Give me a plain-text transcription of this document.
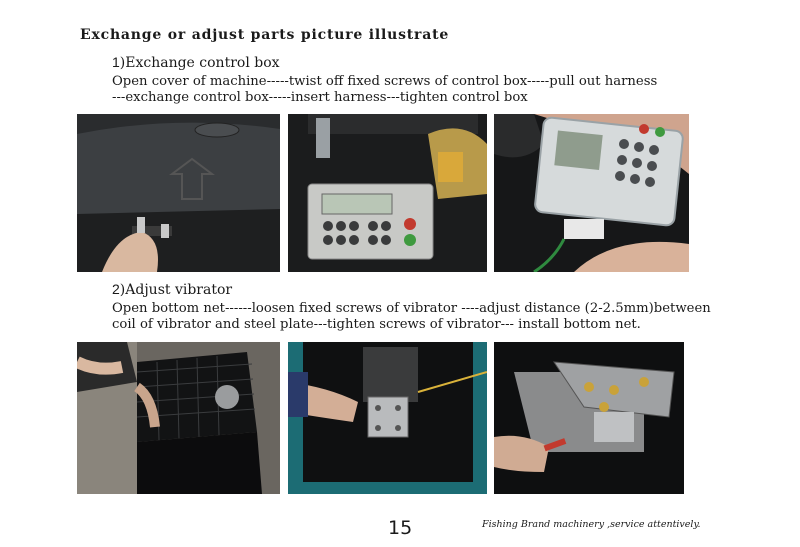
Exchange or adjust parts picture illustrate
1)Exchange control box
Open cover of machine-----twist off fixed screws of control box-----pull out harness
---exchange control box-----insert harness---tighten control box
2)Adjust vibrator
Open bottom net------loosen fixed screws of vibrator ----adjust distance (2-2.5mm)between
coil of vibrator and steel plate---tighten screws of vibrator--- install bottom net.
15	Fishing Brand machinery ,service attentively.
